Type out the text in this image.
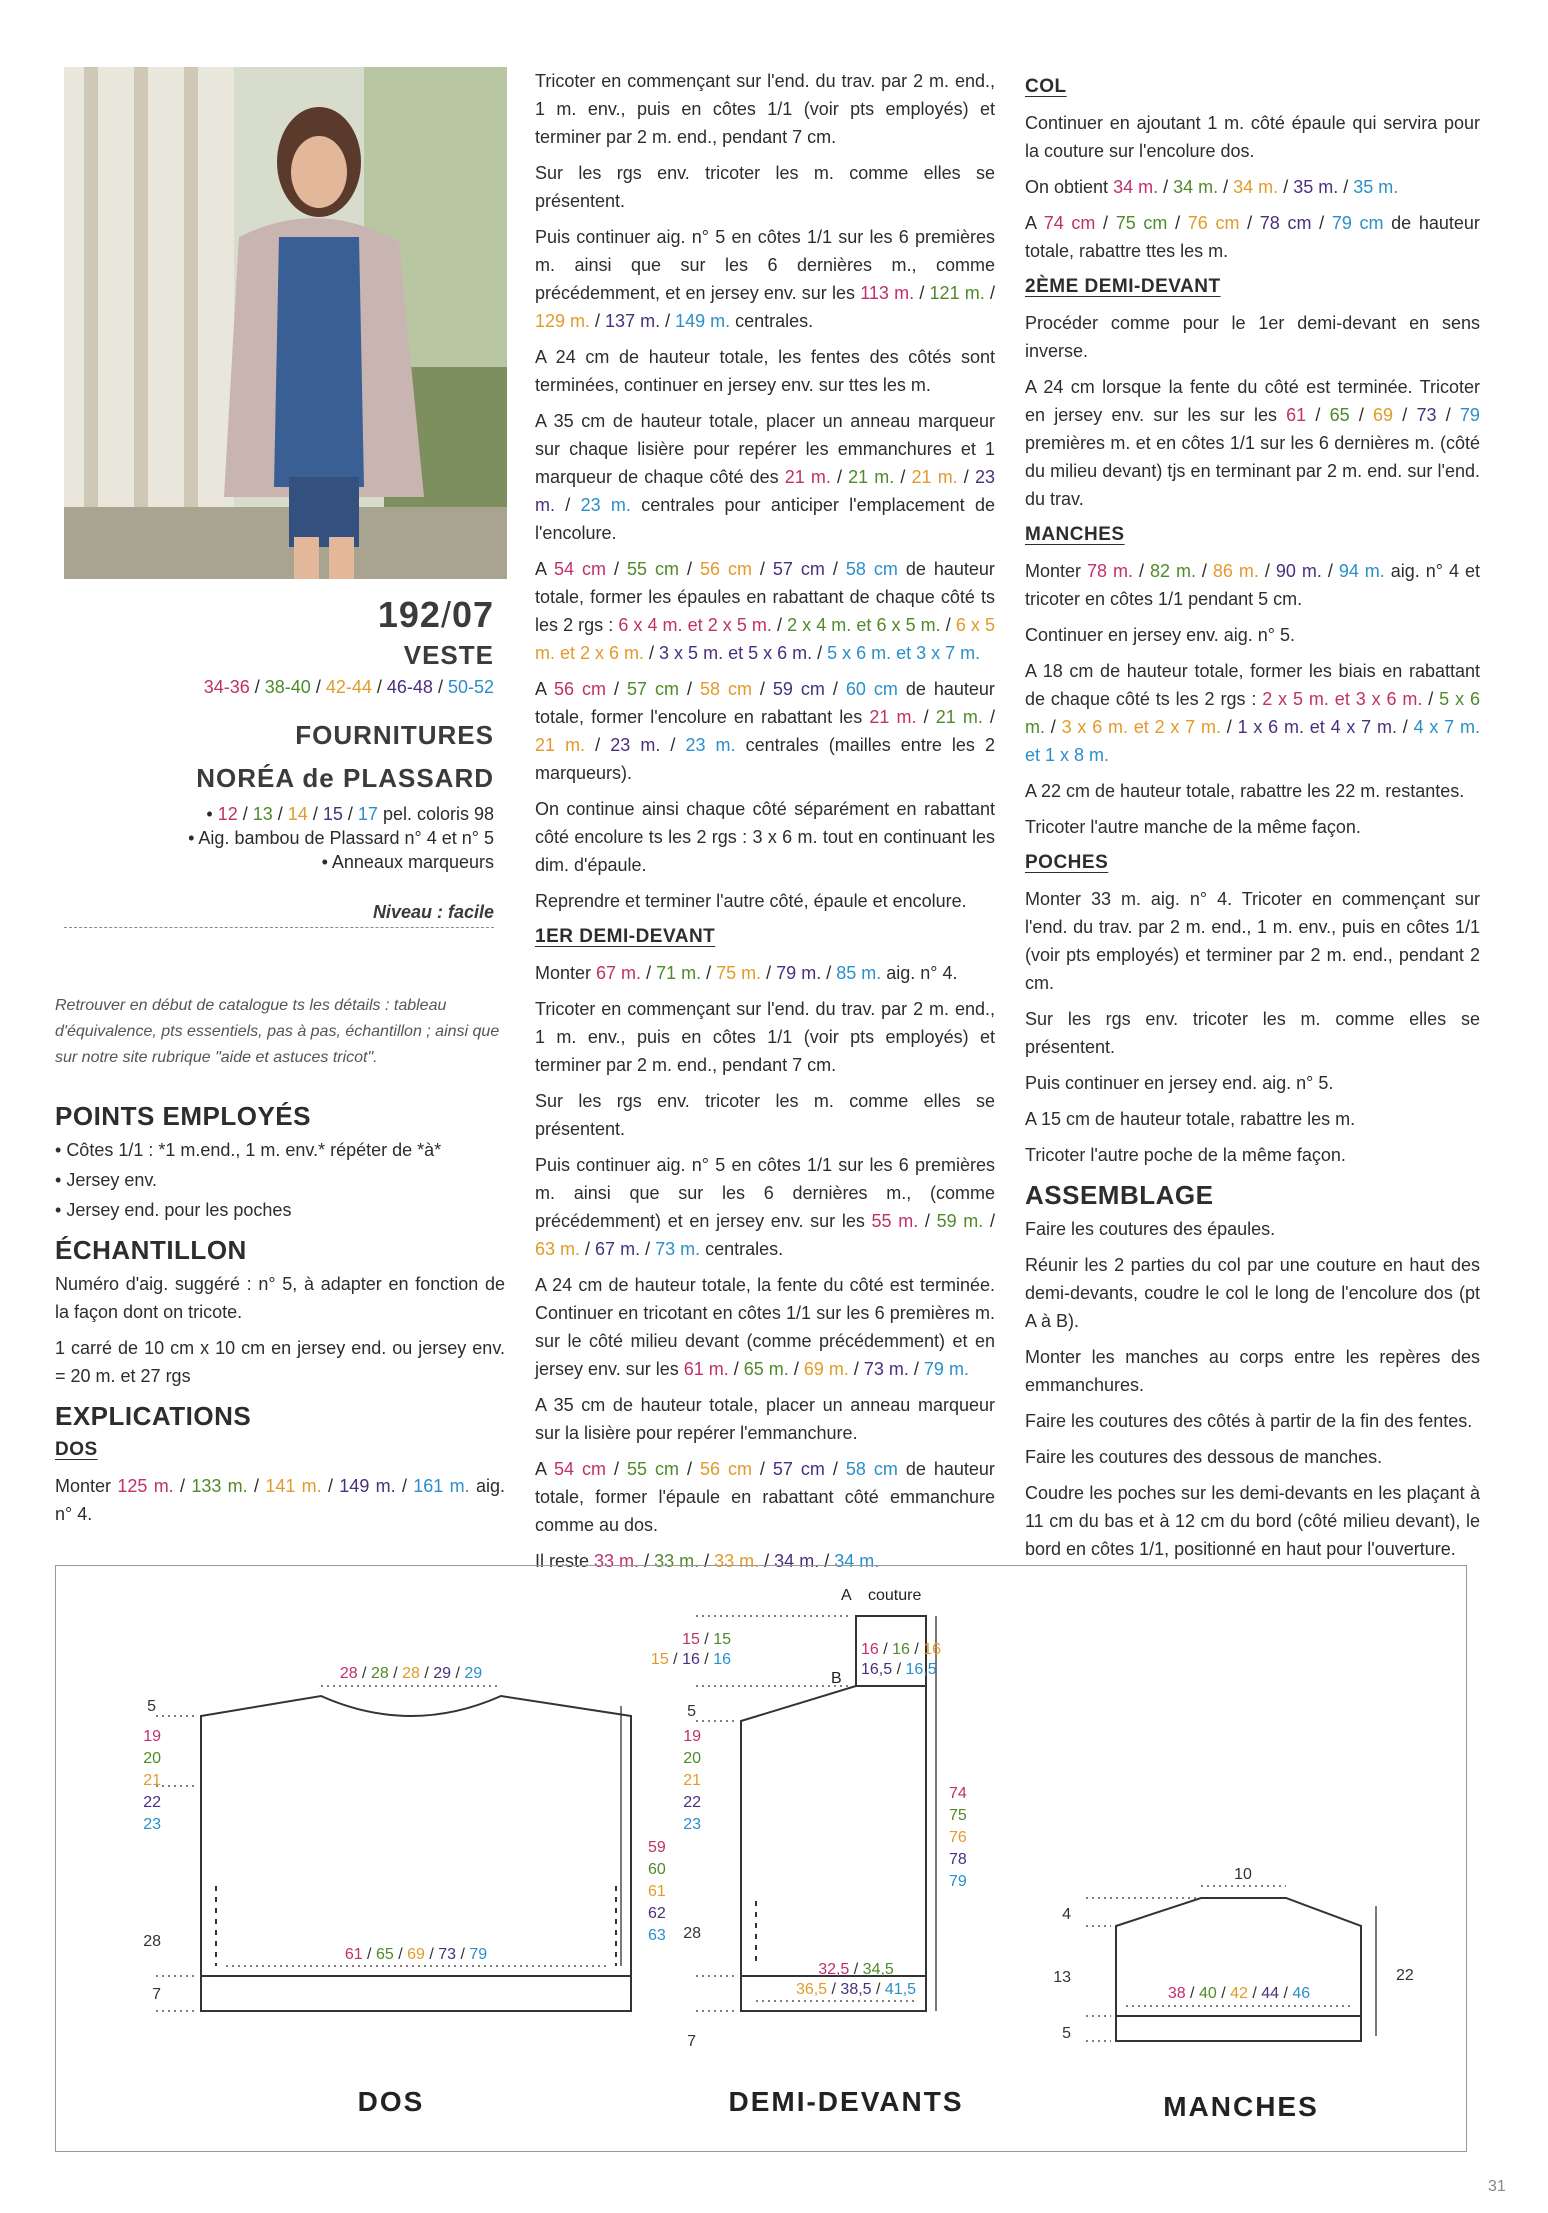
192/07
VESTE
34-36 / 38-40 / 42-44 / 46-48 / 50-52
FOURNITURES
NORÉA de PLASSARD
• 12 / 13 / 14 / 15 / 17 pel. coloris 98
• Aig. bambou de Plassard n° 4 et n° 5
• Anneaux marqueurs
Niveau : facile
Retrouver en début de catalogue ts les détails : tableau d'équivalence, pts essentiels, pas à pas, échantillon ; ainsi que sur notre site rubrique "aide et astuces tricot".
POINTS EMPLOYÉS
• Côtes 1/1 : *1 m.end., 1 m. env.* répéter de *à*
• Jersey env.
• Jersey end. pour les poches
ÉCHANTILLON

Numéro d'aig. suggéré : n° 5, à adapter en fonction de la façon dont on tricote.

1 carré de 10 cm x 10 cm en jersey end. ou jersey env. = 20 m. et 27 rgs

EXPLICATIONS
DOS

Monter 125 m. / 133 m. / 141 m. / 149 m. / 161 m. aig. n° 4.

Tricoter en commençant sur l'end. du trav. par 2 m. end., 1 m. env., puis en côtes 1/1 (voir pts employés) et terminer par 2 m. end., pendant 7 cm.

Sur les rgs env. tricoter les m. comme elles se présentent.

Puis continuer aig. n° 5 en côtes 1/1 sur les 6 premières m. ainsi que sur les 6 dernières m., comme précédemment, et en jersey env. sur les 113 m. / 121 m. / 129 m. / 137 m. / 149 m. centrales.

A 24 cm de hauteur totale, les fentes des côtés sont terminées, continuer en jersey env. sur ttes les m.

A 35 cm de hauteur totale, placer un anneau marqueur sur chaque lisière pour repérer les emmanchures et 1 marqueur de chaque côté des 21 m. / 21 m. / 21 m. / 23 m. / 23 m. centrales pour anticiper l'emplacement de l'encolure.

A 54 cm / 55 cm / 56 cm / 57 cm / 58 cm de hauteur totale, former les épaules en rabattant de chaque côté ts les 2 rgs : 6 x 4 m. et 2 x 5 m. / 2 x 4 m. et 6 x 5 m. / 6 x 5 m. et 2 x 6 m. / 3 x 5 m. et 5 x 6 m. / 5 x 6 m. et 3 x 7 m.

A 56 cm / 57 cm / 58 cm / 59 cm / 60 cm de hauteur totale, former l'encolure en rabattant les 21 m. / 21 m. / 21 m. / 23 m. / 23 m. centrales (mailles entre les 2 marqueurs).

On continue ainsi chaque côté séparément en rabattant côté encolure ts les 2 rgs : 3 x 6 m. tout en continuant les dim. d'épaule.

Reprendre et terminer l'autre côté, épaule et encolure.

1ER DEMI-DEVANT

Monter 67 m. / 71 m. / 75 m. / 79 m. / 85 m. aig. n° 4.

Tricoter en commençant sur l'end. du trav. par 2 m. end., 1 m. env., puis en côtes 1/1 (voir pts employés) et terminer par 2 m. end., pendant 7 cm.

Sur les rgs env. tricoter les m. comme elles se présentent.

Puis continuer aig. n° 5 en côtes 1/1 sur les 6 premières m. ainsi que sur les 6 dernières m., (comme précédemment) et en jersey env. sur les 55 m. / 59 m. / 63 m. / 67 m. / 73 m. centrales.

A 24 cm de hauteur totale, la fente du côté est terminée. Continuer en tricotant en côtes 1/1 sur les 6 premières m. sur le côté milieu devant (comme précédemment) et en jersey env. sur les 61 m. / 65 m. / 69 m. / 73 m. / 79 m.

A 35 cm de hauteur totale, placer un anneau marqueur sur la lisière pour repérer l'emmanchure.

A 54 cm / 55 cm / 56 cm / 57 cm / 58 cm de hauteur totale, former l'épaule en rabattant côté emmanchure comme au dos.

Il reste 33 m. / 33 m. / 33 m. / 34 m. / 34 m.

COL

Continuer en ajoutant 1 m. côté épaule qui servira pour la couture sur l'encolure dos.

On obtient 34 m. / 34 m. / 34 m. / 35 m. / 35 m.

A 74 cm / 75 cm / 76 cm / 78 cm / 79 cm de hauteur totale, rabattre ttes les m.

2ÈME DEMI-DEVANT

Procéder comme pour le 1er demi-devant en sens inverse.

A 24 cm lorsque la fente du côté est terminée. Tricoter en jersey env. sur les sur les 61 / 65 / 69 / 73 / 79 premières m. et en côtes 1/1 sur les 6 dernières m. (côté du milieu devant) tjs en terminant par 2 m. end. sur l'end. du trav.

MANCHES

Monter 78 m. / 82 m. / 86 m. / 90 m. / 94 m. aig. n° 4 et tricoter en côtes 1/1 pendant 5 cm.

Continuer en jersey env. aig. n° 5.

A 18 cm de hauteur totale, former les biais en rabattant de chaque côté ts les 2 rgs : 2 x 5 m. et 3 x 6 m. / 5 x 6 m. / 3 x 6 m. et 2 x 7 m. / 1 x 6 m. et 4 x 7 m. / 4 x 7 m. et 1 x 8 m.

A 22 cm de hauteur totale, rabattre les 22 m. restantes.

Tricoter l'autre manche de la même façon.

POCHES

Monter 33 m. aig. n° 4. Tricoter en commençant sur l'end. du trav. par 2 m. end., 1 m. env., puis en côtes 1/1 (voir pts employés) et terminer par 2 m. end., pendant 2 cm.

Sur les rgs env. tricoter les m. comme elles se présentent.

Puis continuer en jersey end. aig. n° 5.

A 15 cm de hauteur totale, rabattre les m.

Tricoter l'autre poche de la même façon.

ASSEMBLAGE

Faire les coutures des épaules.

Réunir les 2 parties du col par une couture en haut des demi-devants, coudre le col le long de l'encolure dos (pt A à B).

Monter les manches au corps entre les repères des emmanchures.

Faire les coutures des côtés à partir de la fin des fentes.

Faire les coutures des dessous de manches.

Coudre les poches sur les demi-devants en les plaçant à 11 cm du bas et à 12 cm du bord (côté milieu devant), le bord en côtes 1/1, positionné en haut pour l'ouverture.

5
19
20
21
22
23
28
7
28 / 28 / 28 / 29 / 29
61 / 65 / 69 / 73 / 79
59
60
61
62
63
DOS
A couture
B
15 / 15
15 / 16 / 16
16 / 16 / 16
16,5 / 16,5
5
19
20
21
22
23
28
7
74
75
76
78
79
32,5 / 34,5
36,5 / 38,5 / 41,5
DEMI-DEVANTS
10
4
13
5
22
38 / 40 / 42 / 44 / 46
MANCHES
31
